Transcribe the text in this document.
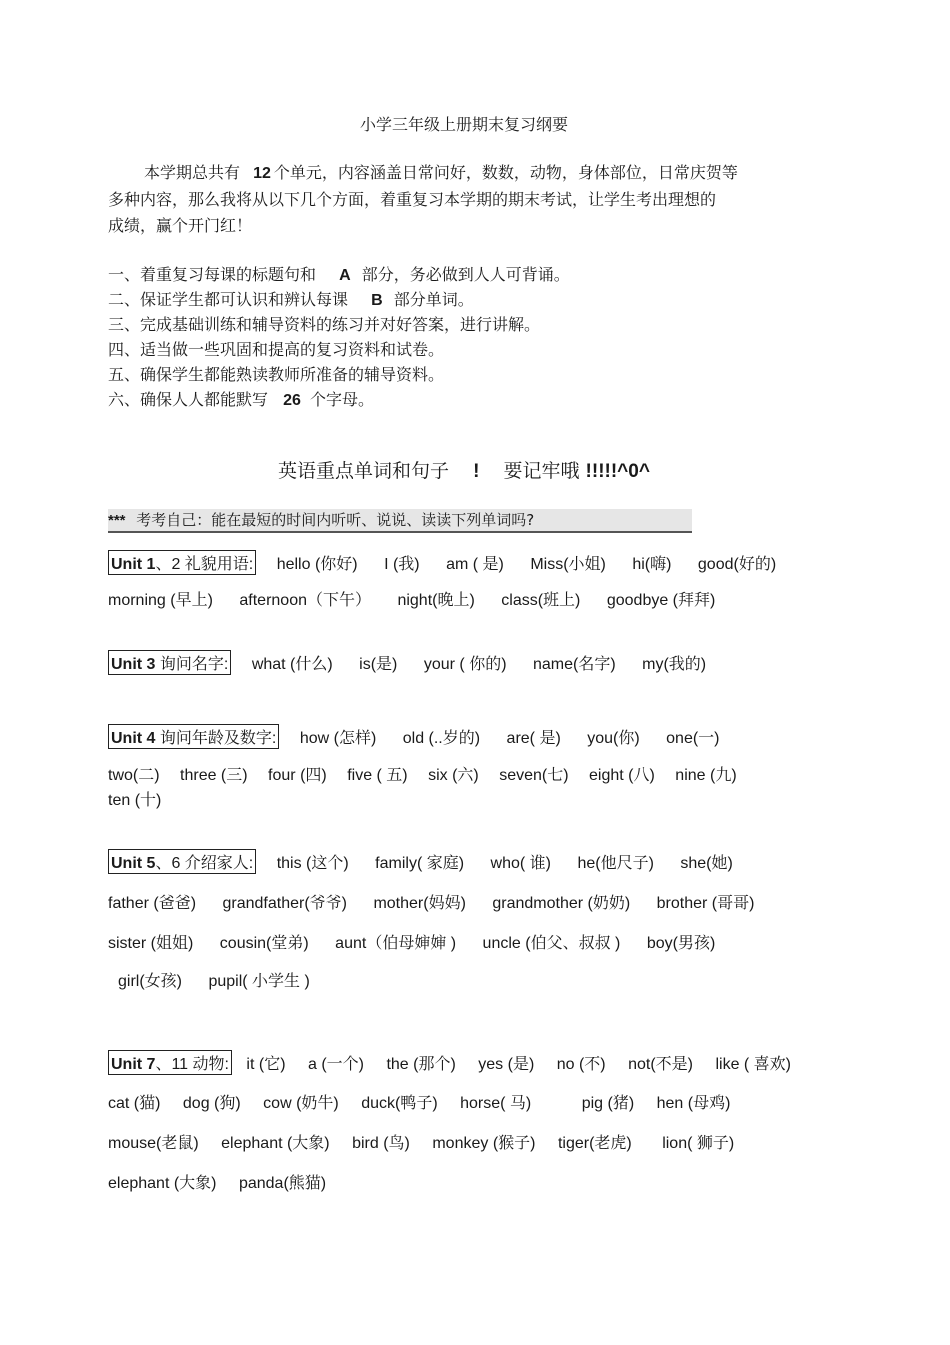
小学三年级上册期末复习纲要

本学期总共有 12 个单元，内容涵盖日常问好，数数，动物，身体部位，日常庆贺等

多种内容，那么我将从以下几个方面，着重复习本学期的期末考试，让学生考出理想的

成绩，赢个开门红！

一、着重复习每课的标题句和 A 部分，务必做到人人可背诵。
二、保证学生都可认识和辨认每课 B 部分单词。
三、完成基础训练和辅导资料的练习并对好答案，进行讲解。
四、适当做一些巩固和提高的复习资料和试卷。
五、确保学生都能熟读教师所准备的辅导资料。
六、确保人人都能默写 26 个字母。
英语重点单词和句子 ! 要记牢哦 !!!!!^0^
*** 考考自己：能在最短的时间内听听、说说、读读下列单词吗?
Unit 1、2 礼貌用语: hello (你好) I (我) am ( 是) Miss(小姐) hi(嗨) good(好的)
morning (早上) afternoon（下午） night(晚上) class(班上) goodbye (拜拜)
Unit 3 询问名字: what (什么) is(是) your ( 你的) name(名字) my(我的)
Unit 4 询问年龄及数字: how (怎样) old (..岁的) are( 是) you(你) one(一)
two(二) three (三) four (四) five ( 五) six (六) seven(七) eight (八) nine (九)
ten (十)
Unit 5、6 介绍家人: this (这个) family( 家庭) who( 谁) he(他尺子) she(她)
father (爸爸) grandfather(爷爷) mother(妈妈) grandmother (奶奶) brother (哥哥)
sister (姐姐) cousin(堂弟) aunt（伯母婶婶 ) uncle (伯父、叔叔 ) boy(男孩)
girl(女孩) pupil( 小学生 )
Unit 7、11 动物: it (它) a (一个) the (那个) yes (是) no (不) not(不是) like ( 喜欢)
cat (猫) dog (狗) cow (奶牛) duck(鸭子) horse( 马)	pig (猪) hen (母鸡)
mouse(老鼠) elephant (大象) bird (鸟) monkey (猴子) tiger(老虎) lion( 狮子)
elephant (大象) panda(熊猫)
